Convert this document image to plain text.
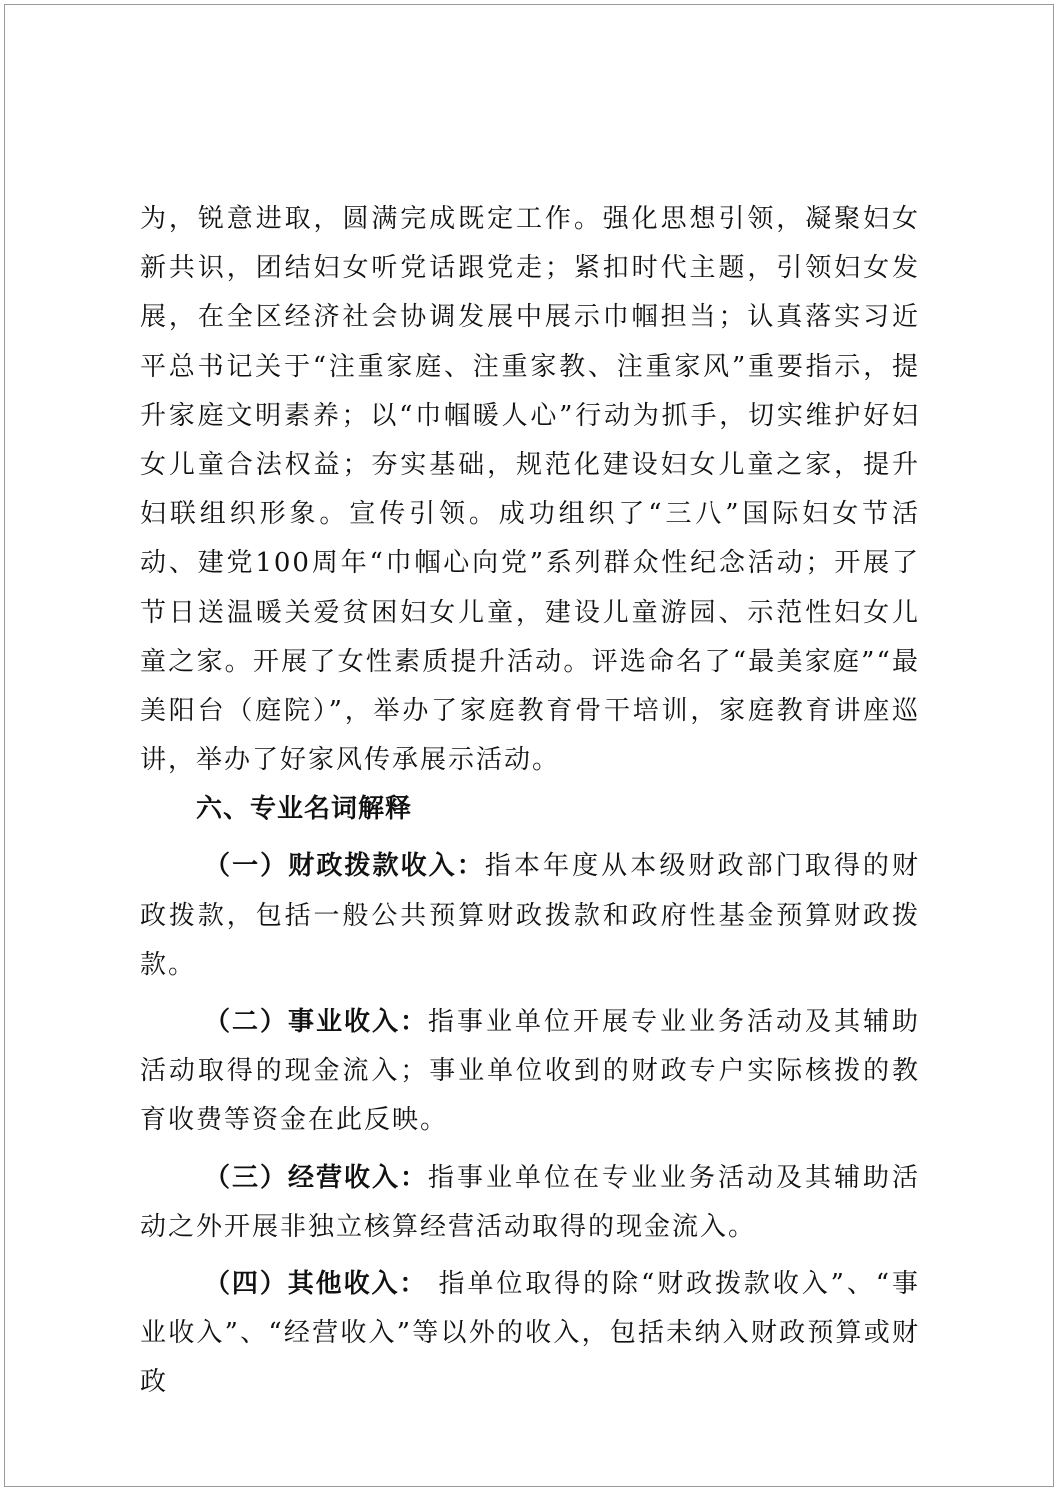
为，锐意进取，圆满完成既定工作。强化思想引领，凝聚妇女新共识，团结妇女听党话跟党走；紧扣时代主题，引领妇女发展，在全区经济社会协调发展中展示巾帼担当；认真落实习近平总书记关于“注重家庭、注重家教、注重家风”重要指示，提升家庭文明素养；以“巾帼暖人心”行动为抓手，切实维护好妇女儿童合法权益；夯实基础，规范化建设妇女儿童之家，提升妇联组织形象。宣传引领。成功组织了“三八”国际妇女节活动、建党100周年“巾帼心向党”系列群众性纪念活动；开展了节日送温暖关爱贫困妇女儿童，建设儿童游园、示范性妇女儿童之家。开展了女性素质提升活动。评选命名了“最美家庭”“最美阳台（庭院）”，举办了家庭教育骨干培训，家庭教育讲座巡讲，举办了好家风传承展示活动。

六、专业名词解释

（一）财政拨款收入：指本年度从本级财政部门取得的财政拨款，包括一般公共预算财政拨款和政府性基金预算财政拨款。

（二）事业收入：指事业单位开展专业业务活动及其辅助活动取得的现金流入；事业单位收到的财政专户实际核拨的教育收费等资金在此反映。

（三）经营收入：指事业单位在专业业务活动及其辅助活动之外开展非独立核算经营活动取得的现金流入。

（四）其他收入： 指单位取得的除“财政拨款收入”、“事业收入”、“经营收入”等以外的收入，包括未纳入财政预算或财政
